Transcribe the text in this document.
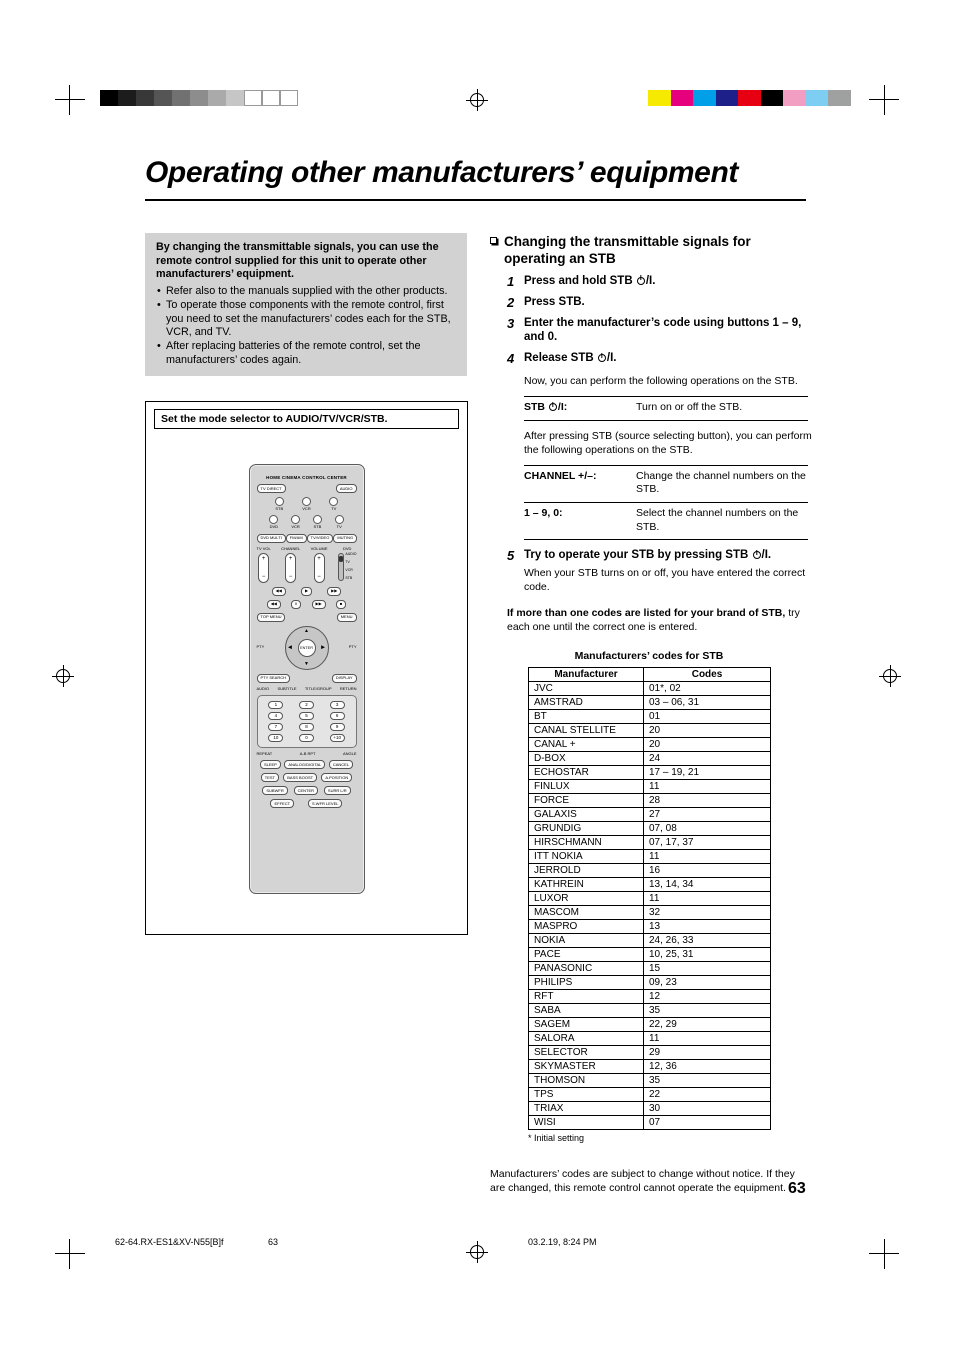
Operating other manufacturers’ equipment

By changing the transmittable signals, you can use the remote control supplied for this unit to operate other manufacturers’ equipment.

• Refer also to the manuals supplied with the other products.
• To operate those components with the remote control, first you need to set the manufacturers’ codes each for the STB, VCR, and TV.
• After replacing batteries of the remote control, set the manufacturers’ codes again.
Set the mode selector to AUDIO/TV/VCR/STB.
HOME CINEMA CONTROL CENTER
TV DIRECT	AUDIO
STB	VCR	TV
DVD	VCR	STB	TV
DVD MULTI	FM/AM	TV/VIDEO	MUTING
TV VOL
+
−
CHANNEL
+
−
VOLUME
+
−
DVD
AUDIO
TV
VCR
STB
◀◀	▶	▶▶
◀◀	II	▶▶	■
TOP MENU	MENU
PTY
▲
▼
◀	▶
ENTER	PTY
PTY SEARCH	DISPLAY
AUDIO SUBTITLE TITLE/GROUP RETURN
1	2	3
4	5	6
7	8	9
10	0	+10
REPEAT	A-B RPT	ANGLE
SLEEP	ANALOG/DIGITAL	CANCEL
TEST	BASS BOOST	A.POSITION
SUBWFR	CENTER	SURR L/R
EFFECT	S.WFR LEVEL
Changing the transmittable signals for operating an STB
1 Press and hold STB /I.
2 Press STB.
3 Enter the manufacturer’s code using buttons 1 – 9, and 0.
4 Release STB /I.

Now, you can perform the following operations on the STB.

STB /I:	Turn on or off the STB.

After pressing STB (source selecting button), you can perform the following operations on the STB.

CHANNEL +/–:	Change the channel numbers on the STB.
1 – 9, 0:	Select the channel numbers on the STB.
5 Try to operate your STB by pressing STB /I.
When your STB turns on or off, you have entered the correct code.

If more than one codes are listed for your brand of STB, try each one until the correct one is entered.

Manufacturers’ codes for STB
Manufacturer	Codes
JVC	01*, 02
AMSTRAD	03 – 06, 31
BT	01
CANAL STELLITE	20
CANAL +	20
D-BOX	24
ECHOSTAR	17 – 19, 21
FINLUX	11
FORCE	28
GALAXIS	27
GRUNDIG	07, 08
HIRSCHMANN	07, 17, 37
ITT NOKIA	11
JERROLD	16
KATHREIN	13, 14, 34
LUXOR	11
MASCOM	32
MASPRO	13
NOKIA	24, 26, 33
PACE	10, 25, 31
PANASONIC	15
PHILIPS	09, 23
RFT	12
SABA	35
SAGEM	22, 29
SALORA	11
SELECTOR	29
SKYMASTER	12, 36
THOMSON	35
TPS	22
TRIAX	30
WISI	07
* Initial setting

Manufacturers’ codes are subject to change without notice. If they are changed, this remote control cannot operate the equipment. 63
62-64.RX-ES1&XV-N55[B]f	63	03.2.19, 8:24 PM
